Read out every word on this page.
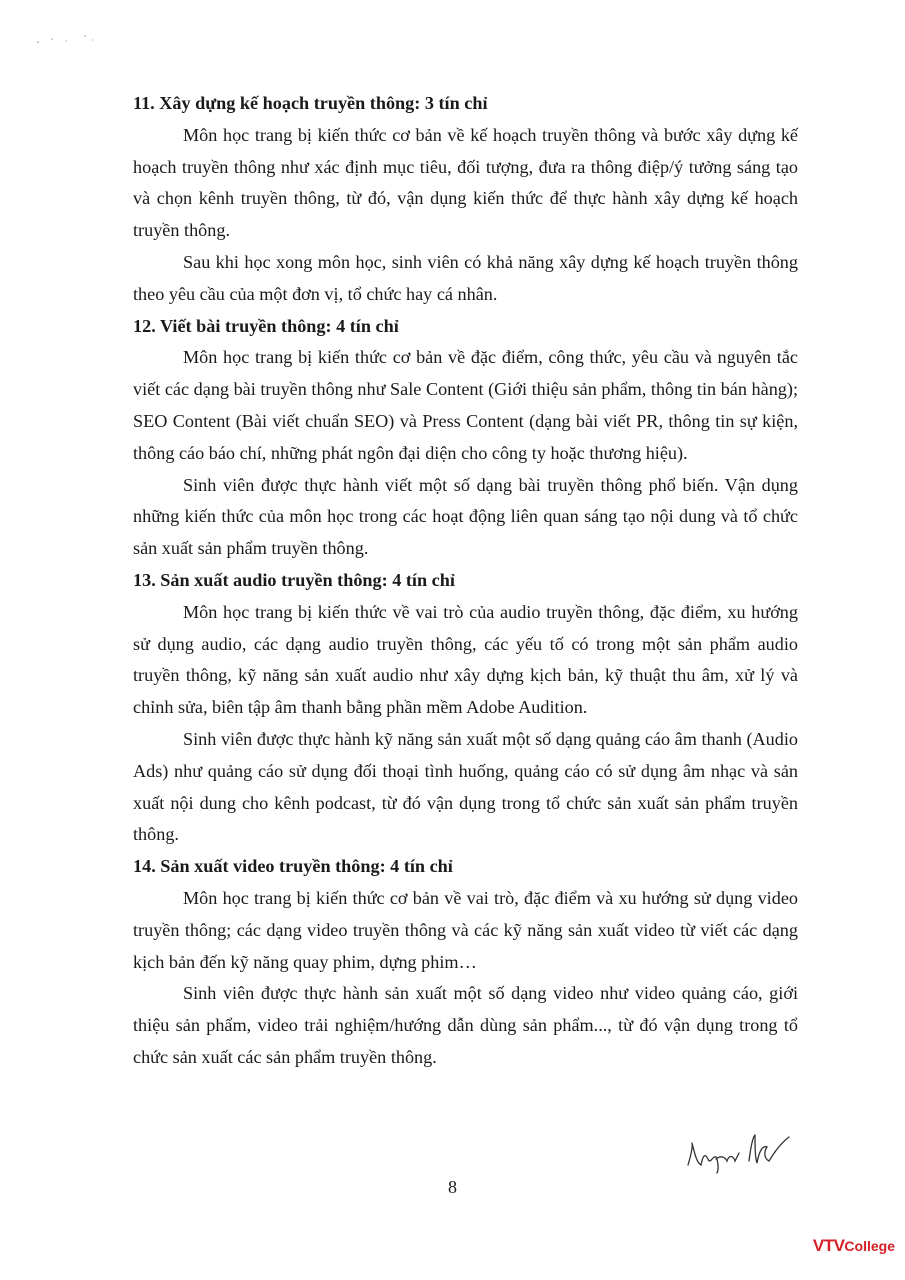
11. Xây dựng kế hoạch truyền thông: 3 tín chỉ

Môn học trang bị kiến thức cơ bản về kế hoạch truyền thông và bước xây dựng kế hoạch truyền thông như xác định mục tiêu, đối tượng, đưa ra thông điệp/ý tưởng sáng tạo và chọn kênh truyền thông, từ đó, vận dụng kiến thức để thực hành xây dựng kế hoạch truyền thông.

Sau khi học xong môn học, sinh viên có khả năng xây dựng kế hoạch truyền thông theo yêu cầu của một đơn vị, tổ chức hay cá nhân.

12. Viết bài truyền thông: 4 tín chỉ

Môn học trang bị kiến thức cơ bản về đặc điểm, công thức, yêu cầu và nguyên tắc viết các dạng bài truyền thông như Sale Content (Giới thiệu sản phẩm, thông tin bán hàng); SEO Content (Bài viết chuẩn SEO) và Press Content (dạng bài viết PR, thông tin sự kiện, thông cáo báo chí, những phát ngôn đại diện cho công ty hoặc thương hiệu).

Sinh viên được thực hành viết một số dạng bài truyền thông phổ biến. Vận dụng những kiến thức của môn học trong các hoạt động liên quan sáng tạo nội dung và tổ chức sản xuất sản phẩm truyền thông.

13. Sản xuất audio truyền thông: 4 tín chỉ

Môn học trang bị kiến thức về vai trò của audio truyền thông, đặc điểm, xu hướng sử dụng audio, các dạng audio truyền thông, các yếu tố có trong một sản phẩm audio truyền thông, kỹ năng sản xuất audio như xây dựng kịch bản, kỹ thuật thu âm, xử lý và chỉnh sửa, biên tập âm thanh bằng phần mềm Adobe Audition.

Sinh viên được thực hành kỹ năng sản xuất một số dạng quảng cáo âm thanh (Audio Ads) như quảng cáo sử dụng đối thoại tình huống, quảng cáo có sử dụng âm nhạc và sản xuất nội dung cho kênh podcast, từ đó vận dụng trong tổ chức sản xuất sản phẩm truyền thông.

14. Sản xuất video truyền thông: 4 tín chỉ

Môn học trang bị kiến thức cơ bản về vai trò, đặc điểm và xu hướng sử dụng video truyền thông; các dạng video truyền thông và các kỹ năng sản xuất video từ viết các dạng kịch bản đến kỹ năng quay phim, dựng phim…

Sinh viên được thực hành sản xuất một số dạng video như video quảng cáo, giới thiệu sản phẩm, video trải nghiệm/hướng dẫn dùng sản phẩm..., từ đó vận dụng trong tổ chức sản xuất các sản phẩm truyền thông.

8
VTV College
